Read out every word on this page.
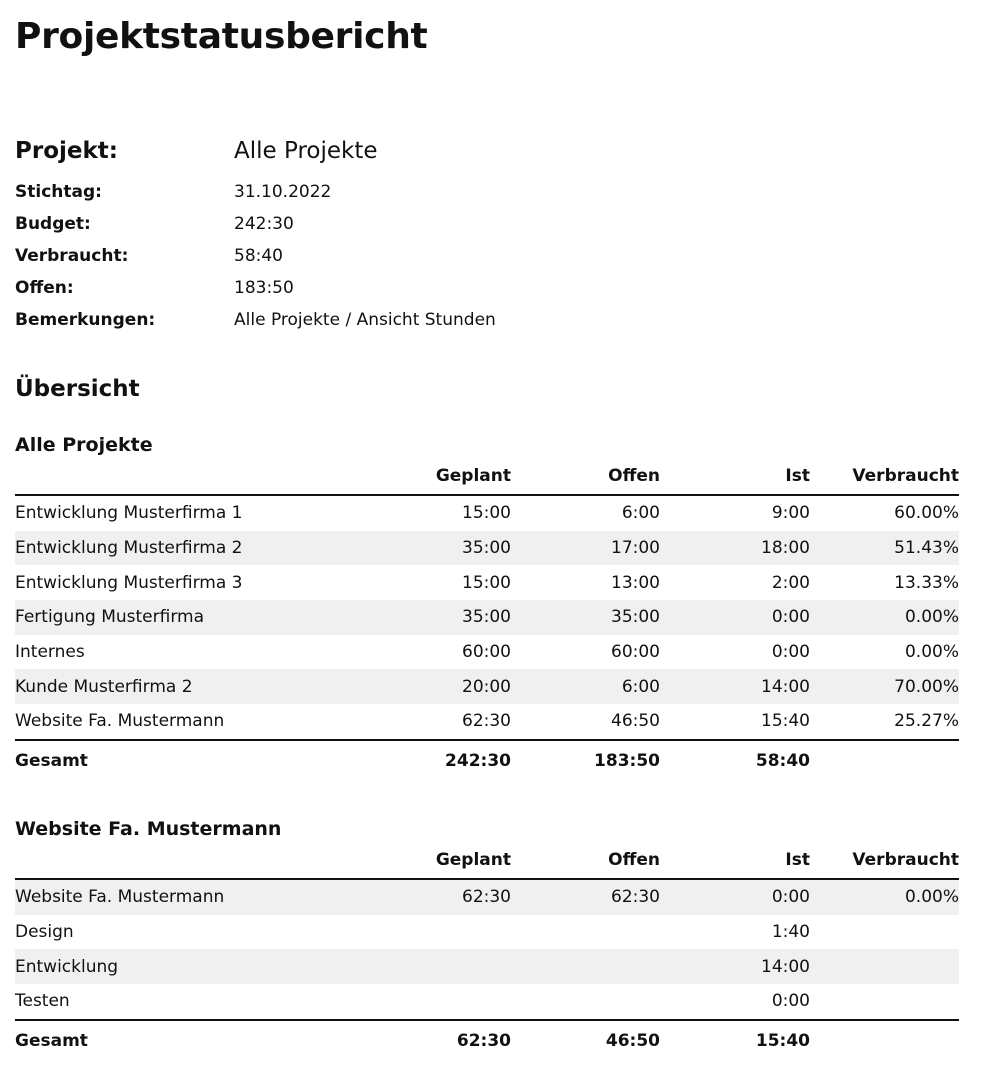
Projektstatusbericht
Projekt:	Alle Projekte
Stichtag:	31.10.2022
Budget:	242:30
Verbraucht:	58:40
Offen:	183:50
Bemerkungen:	Alle Projekte / Ansicht Stunden
Übersicht
Alle Projekte
	Geplant	Offen	Ist	Verbraucht
Entwicklung Musterfirma 1	15:00	6:00	9:00	60.00%
Entwicklung Musterfirma 2	35:00	17:00	18:00	51.43%
Entwicklung Musterfirma 3	15:00	13:00	2:00	13.33%
Fertigung Musterfirma	35:00	35:00	0:00	0.00%
Internes	60:00	60:00	0:00	0.00%
Kunde Musterfirma 2	20:00	6:00	14:00	70.00%
Website Fa. Mustermann	62:30	46:50	15:40	25.27%
Gesamt	242:30	183:50	58:40	
Website Fa. Mustermann
	Geplant	Offen	Ist	Verbraucht
Website Fa. Mustermann	62:30	62:30	0:00	0.00%
Design			1:40	
Entwicklung			14:00	
Testen			0:00	
Gesamt	62:30	46:50	15:40	
